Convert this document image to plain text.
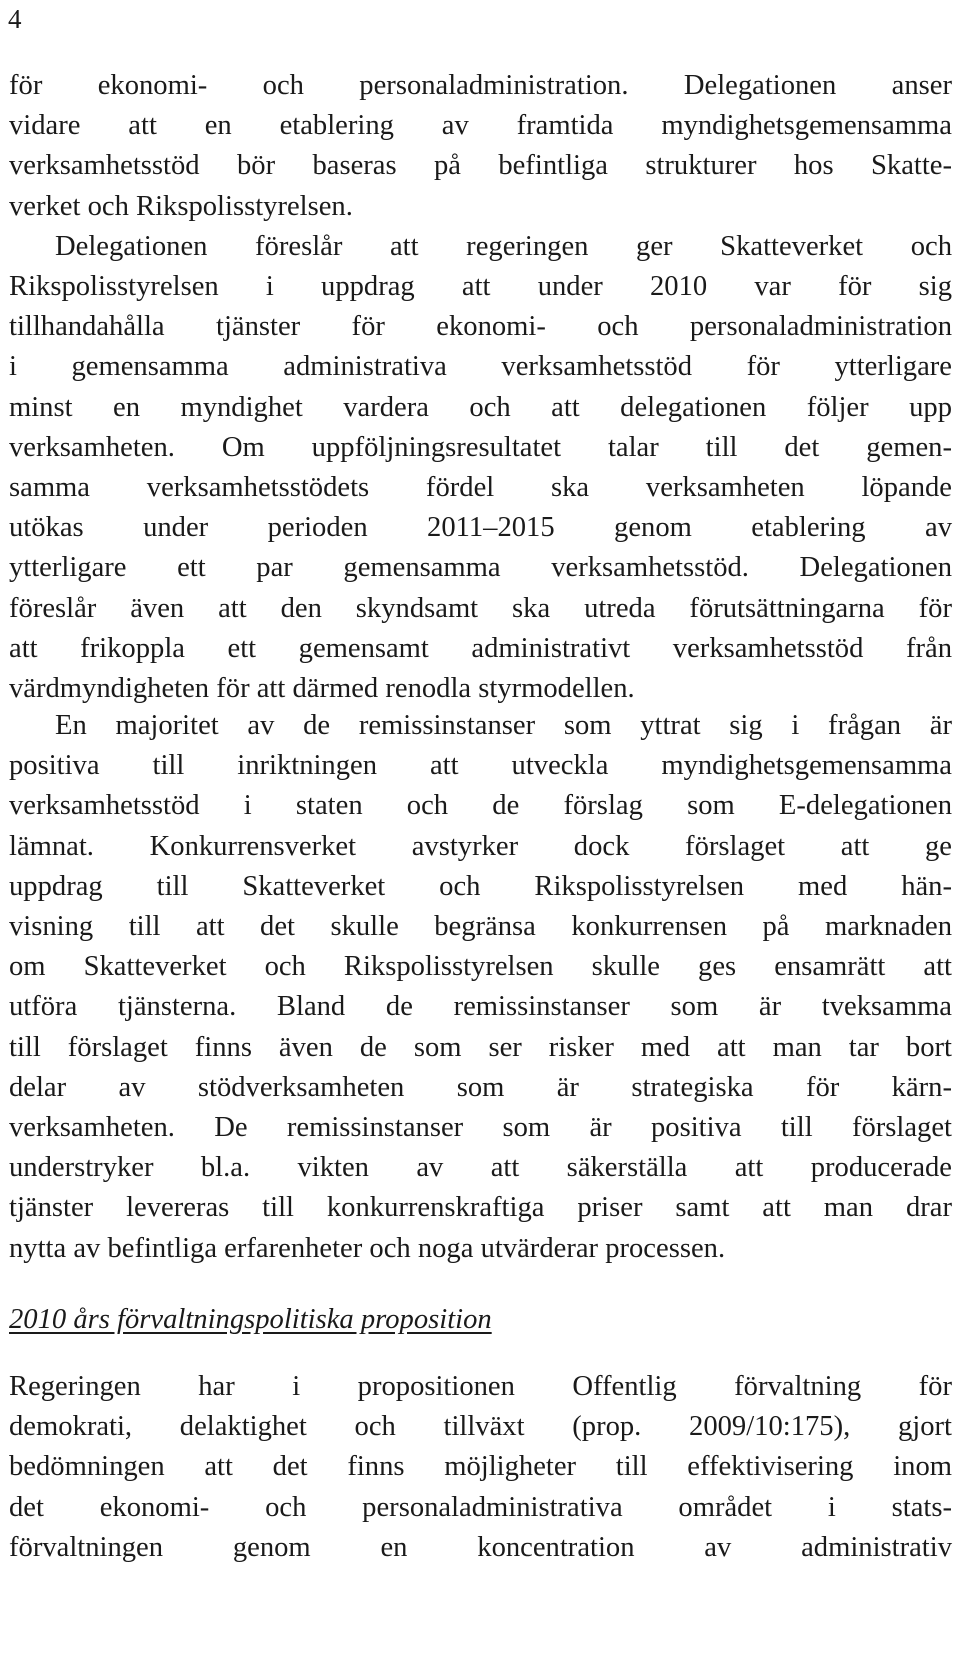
4

för ekonomi- och personaladministration. Delegationen anser
vidare att en etablering av framtida myndighetsgemensamma
verksamhetsstöd bör baseras på befintliga strukturer hos Skatte-
verket och Rikspolisstyrelsen.
Delegationen föreslår att regeringen ger Skatteverket och
Rikspolisstyrelsen i uppdrag att under 2010 var för sig
tillhandahålla tjänster för ekonomi- och personaladministration
i gemensamma administrativa verksamhetsstöd för ytterligare
minst en myndighet vardera och att delegationen följer upp
verksamheten. Om uppföljningsresultatet talar till det gemen-
samma verksamhetsstödets fördel ska verksamheten löpande
utökas under perioden 2011–2015 genom etablering av
ytterligare ett par gemensamma verksamhetsstöd. Delegationen
föreslår även att den skyndsamt ska utreda förutsättningarna för
att frikoppla ett gemensamt administrativt verksamhetsstöd från
värdmyndigheten för att därmed renodla styrmodellen.
En majoritet av de remissinstanser som yttrat sig i frågan är
positiva till inriktningen att utveckla myndighetsgemensamma
verksamhetsstöd i staten och de förslag som E-delegationen
lämnat. Konkurrensverket avstyrker dock förslaget att ge
uppdrag till Skatteverket och Rikspolisstyrelsen med hän-
visning till att det skulle begränsa konkurrensen på marknaden
om Skatteverket och Rikspolisstyrelsen skulle ges ensamrätt att
utföra tjänsterna. Bland de remissinstanser som är tveksamma
till förslaget finns även de som ser risker med att man tar bort
delar av stödverksamheten som är strategiska för kärn-
verksamheten. De remissinstanser som är positiva till förslaget
understryker bl.a. vikten av att säkerställa att producerade
tjänster levereras till konkurrenskraftiga priser samt att man drar
nytta av befintliga erfarenheter och noga utvärderar processen.
2010 års förvaltningspolitiska proposition
Regeringen har i propositionen Offentlig förvaltning för
demokrati, delaktighet och tillväxt (prop. 2009/10:175), gjort
bedömningen att det finns möjligheter till effektivisering inom
det ekonomi- och personaladministrativa området i stats-
förvaltningen genom en koncentration av administrativ
